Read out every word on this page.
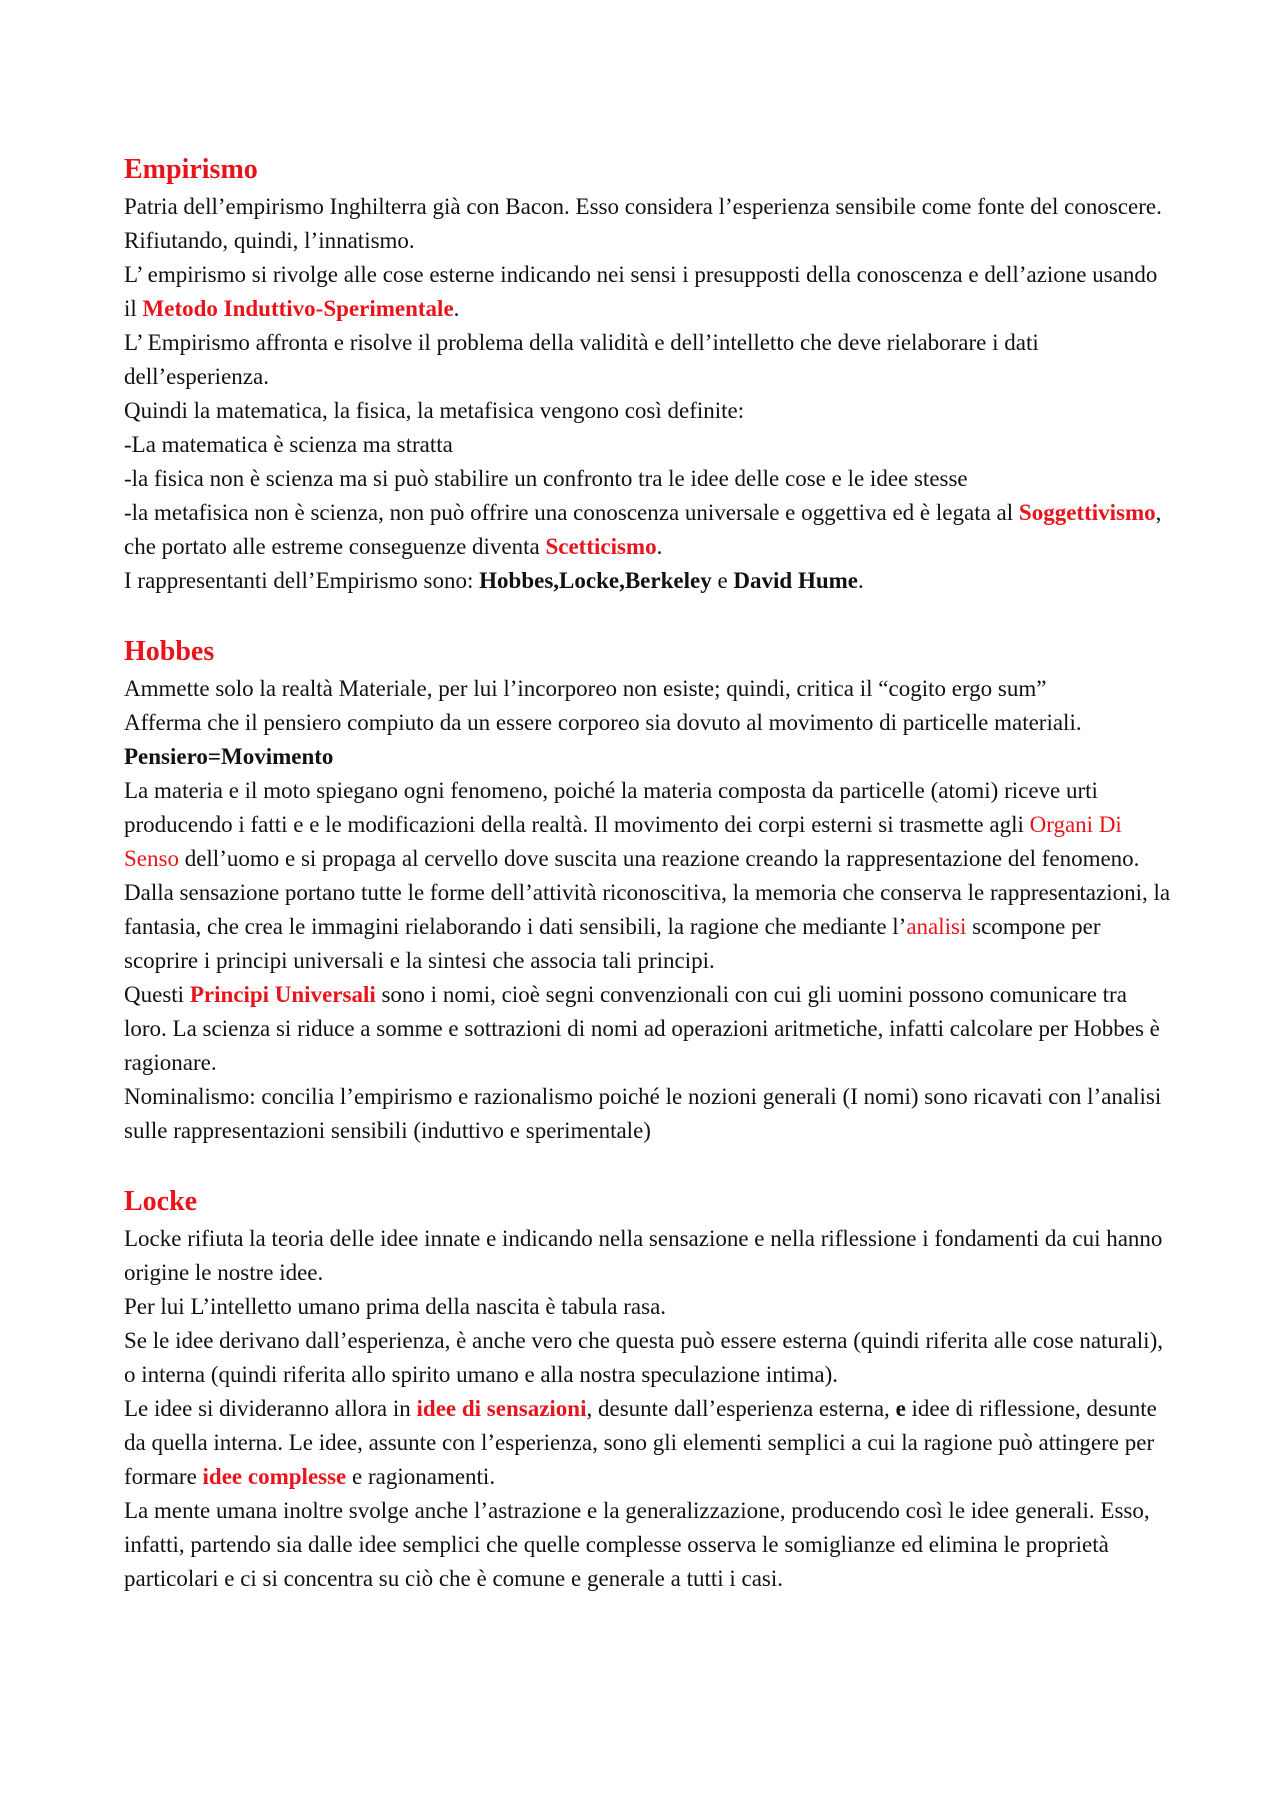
Empirismo

Patria dell’empirismo Inghilterra già con Bacon. Esso considera l’esperienza sensibile come fonte del conoscere. Rifiutando, quindi, l’innatismo.

L’ empirismo si rivolge alle cose esterne indicando nei sensi i presupposti della conoscenza e dell’azione usando il Metodo Induttivo-Sperimentale.

L’ Empirismo affronta e risolve il problema della validità e dell’intelletto che deve rielaborare i dati dell’esperienza.

Quindi la matematica, la fisica, la metafisica vengono così definite:

-La matematica è scienza ma stratta

-la fisica non è scienza ma si può stabilire un confronto tra le idee delle cose e le idee stesse

-la metafisica non è scienza, non può offrire una conoscenza universale e oggettiva ed è legata al Soggettivismo, che portato alle estreme conseguenze diventa Scetticismo.

I rappresentanti dell’Empirismo sono: Hobbes,Locke,Berkeley e David Hume.

Hobbes

Ammette solo la realtà Materiale, per lui l’incorporeo non esiste; quindi, critica il “cogito ergo sum”

Afferma che il pensiero compiuto da un essere corporeo sia dovuto al movimento di particelle materiali. Pensiero=Movimento

La materia e il moto spiegano ogni fenomeno, poiché la materia composta da particelle (atomi) riceve urti producendo i fatti e e le modificazioni della realtà. Il movimento dei corpi esterni si trasmette agli Organi Di Senso dell’uomo e si propaga al cervello dove suscita una reazione creando la rappresentazione del fenomeno.

Dalla sensazione portano tutte le forme dell’attività riconoscitiva, la memoria che conserva le rappresentazioni, la fantasia, che crea le immagini rielaborando i dati sensibili, la ragione che mediante l’analisi scompone per scoprire i principi universali e la sintesi che associa tali principi.

Questi Principi Universali sono i nomi, cioè segni convenzionali con cui gli uomini possono comunicare tra loro. La scienza si riduce a somme e sottrazioni di nomi ad operazioni aritmetiche, infatti calcolare per Hobbes è ragionare.

Nominalismo: concilia l’empirismo e razionalismo poiché le nozioni generali (I nomi) sono ricavati con l’analisi sulle rappresentazioni sensibili (induttivo e sperimentale)

Locke

Locke rifiuta la teoria delle idee innate e indicando nella sensazione e nella riflessione i fondamenti da cui hanno origine le nostre idee.

Per lui L’intelletto umano prima della nascita è tabula rasa.

Se le idee derivano dall’esperienza, è anche vero che questa può essere esterna (quindi riferita alle cose naturali), o interna (quindi riferita allo spirito umano e alla nostra speculazione intima).

Le idee si divideranno allora in idee di sensazioni, desunte dall’esperienza esterna, e idee di riflessione, desunte da quella interna. Le idee, assunte con l’esperienza, sono gli elementi semplici a cui la ragione può attingere per formare idee complesse e ragionamenti.

La mente umana inoltre svolge anche l’astrazione e la generalizzazione, producendo così le idee generali. Esso, infatti, partendo sia dalle idee semplici che quelle complesse osserva le somiglianze ed elimina le proprietà particolari e ci si concentra su ciò che è comune e generale a tutti i casi.
